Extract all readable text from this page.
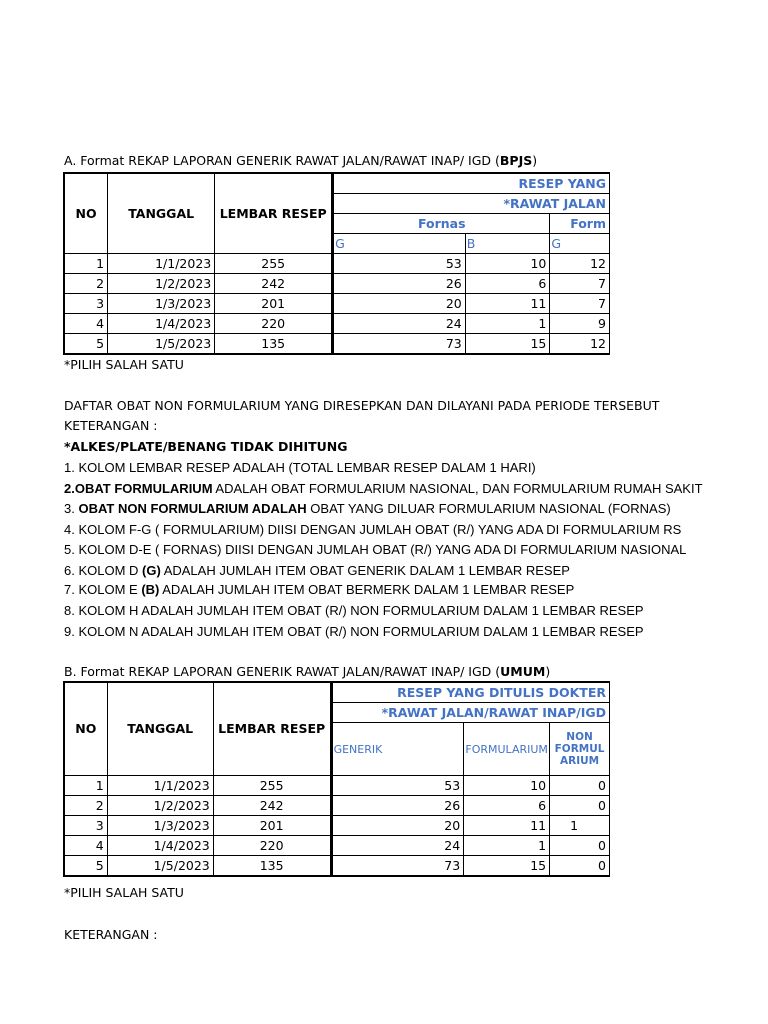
A. Format REKAP LAPORAN GENERIK RAWAT JALAN/RAWAT INAP/ IGD (BPJS)
NO	TANGGAL	LEMBAR RESEP	RESEP YANG		
			*RAWAT JALAN		
			Fornas		Form
			G	B	G
1	1/1/2023	255	53	10	12
2	1/2/2023	242	26	6	7
3	1/3/2023	201	20	11	7
4	1/4/2023	220	24	1	9
5	1/5/2023	135	73	15	12
*PILIH SALAH SATU
DAFTAR OBAT NON FORMULARIUM YANG DIRESEPKAN DAN DILAYANI PADA PERIODE TERSEBUT
KETERANGAN :
*ALKES/PLATE/BENANG TIDAK DIHITUNG
1. KOLOM LEMBAR RESEP ADALAH (TOTAL LEMBAR RESEP DALAM 1 HARI)
2.OBAT FORMULARIUM ADALAH OBAT FORMULARIUM NASIONAL, DAN FORMULARIUM RUMAH SAKIT
3. OBAT NON FORMULARIUM ADALAH OBAT YANG DILUAR FORMULARIUM NASIONAL (FORNAS)
4. KOLOM F-G ( FORMULARIUM) DIISI DENGAN JUMLAH OBAT (R/) YANG ADA DI FORMULARIUM RS
5. KOLOM D-E ( FORNAS) DIISI DENGAN JUMLAH OBAT (R/) YANG ADA DI FORMULARIUM NASIONAL
6. KOLOM D (G) ADALAH JUMLAH ITEM OBAT GENERIK DALAM 1 LEMBAR RESEP
7. KOLOM E (B) ADALAH JUMLAH ITEM OBAT BERMERK DALAM 1 LEMBAR RESEP
8. KOLOM H ADALAH JUMLAH ITEM OBAT (R/) NON FORMULARIUM DALAM 1 LEMBAR RESEP
9. KOLOM N ADALAH JUMLAH ITEM OBAT (R/) NON FORMULARIUM DALAM 1 LEMBAR RESEP
B. Format REKAP LAPORAN GENERIK RAWAT JALAN/RAWAT INAP/ IGD (UMUM)
NO	TANGGAL	LEMBAR RESEP	RESEP YANG DITULIS DOKTER		
			*RAWAT JALAN/RAWAT INAP/IGD		
			GENERIK	FORMULARIUM	NON FORMUL ARIUM
1	1/1/2023	255	53	10	0
2	1/2/2023	242	26	6	0
3	1/3/2023	201	20	11	1
4	1/4/2023	220	24	1	0
5	1/5/2023	135	73	15	0
*PILIH SALAH SATU
KETERANGAN :
